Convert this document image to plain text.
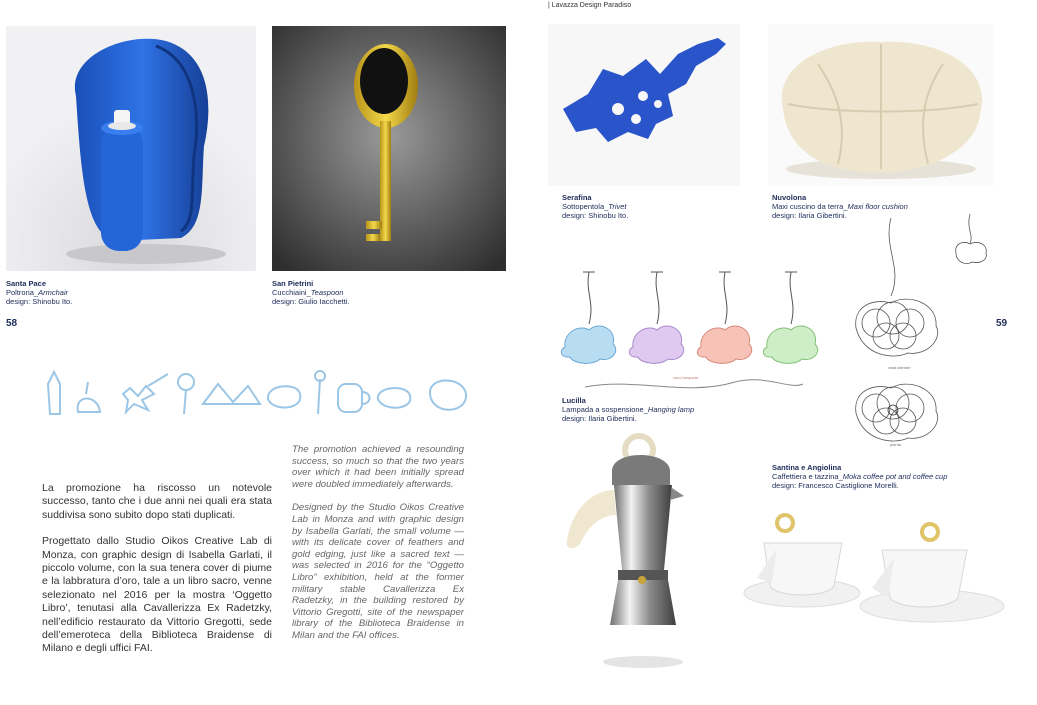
| Lavazza Design Paradiso
Santa Pace
Poltrona_Armchair
design: Shinobu Ito.
San Pietrini
Cucchiaini_Teaspoon
design: Giulio Iacchetti.
58	59

La promozione ha riscosso un notevole successo, tanto che i due anni nei quali era stata suddivisa sono subito dopo stati duplicati.

Progettato dallo Studio Oikos Creative Lab di Monza, con graphic design di Isabella Garlati, il piccolo volume, con la sua tenera cover di piume e la labbratura d’oro, tale a un libro sacro, venne selezionato nel 2016 per la mostra ‘Oggetto Libro’, tenutasi alla Cavallerizza Ex Radetzky, nell’edificio restaurato da Vittorio Gregotti, sede dell’emeroteca della Biblioteca Braidense di Milano e degli uffici FAI.

The promotion achieved a resounding success, so much so that the two years over which it had been initially spread were doubled immediately afterwards.

Designed by the Studio Oikos Creative Lab in Monza and with graphic design by Isabella Garlati, the small volume — with its delicate cover of feathers and gold edging, just like a sacred text — was selected in 2016 for the “Oggetto Libro” exhibition, held at the former military stable Cavallerizza Ex Radetzky, in the building restored by Vittorio Gregotti, site of the newspaper library of the Biblioteca Braidense in Milan and the FAI offices.

Serafina
Sottopentola_Trivet
design: Shinobu Ito.
Nuvolona
Maxi cuscino da terra_Maxi floor cushion
design: Ilaria Gibertini.
cavo lampada
vista laterale
pianta
Lucilla
Lampada a sospensione_Hanging lamp
design: Ilaria Gibertini.
Santina e Angiolina
Caffettiera e tazzina_Moka coffee pot and coffee cup
design: Francesco Castiglione Morelli.
